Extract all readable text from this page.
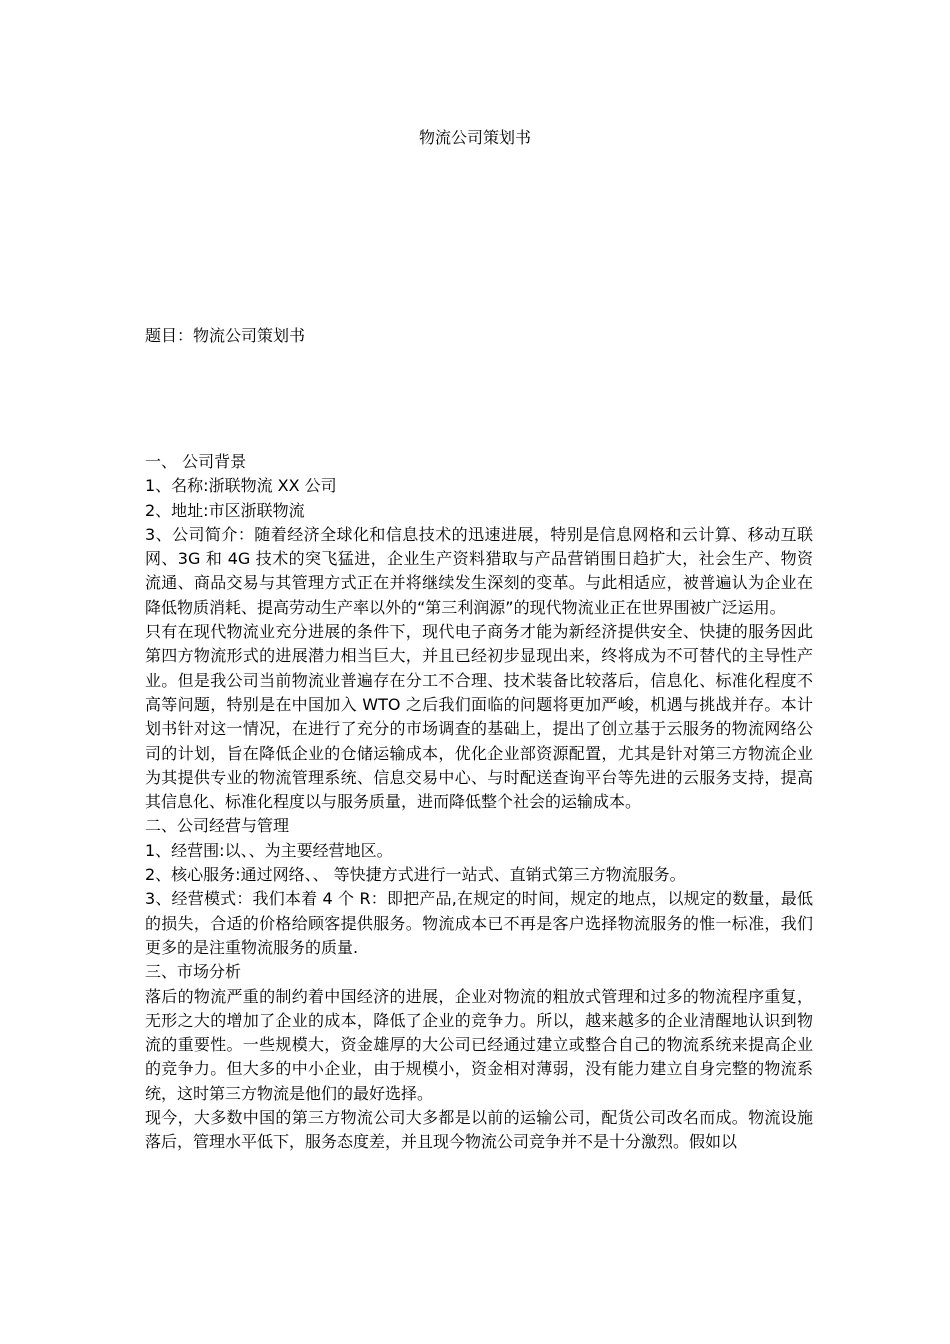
物流公司策划书

题目：物流公司策划书

一、 公司背景

1、名称:浙联物流 XX 公司

2、地址:市区浙联物流

3、公司简介：随着经济全球化和信息技术的迅速进展，特别是信息网格和云计算、移动互联网、3G 和 4G 技术的突飞猛进，企业生产资料猎取与产品营销围日趋扩大，社会生产、物资流通、商品交易与其管理方式正在并将继续发生深刻的变革。与此相适应，被普遍认为企业在降低物质消耗、提高劳动生产率以外的“第三利润源”的现代物流业正在世界围被广泛运用。

只有在现代物流业充分进展的条件下，现代电子商务才能为新经济提供安全、快捷的服务因此第四方物流形式的进展潜力相当巨大，并且已经初步显现出来，终将成为不可替代的主导性产业。但是我公司当前物流业普遍存在分工不合理、技术装备比较落后，信息化、标准化程度不高等问题，特别是在中国加入 WTO 之后我们面临的问题将更加严峻，机遇与挑战并存。本计划书针对这一情况，在进行了充分的市场调查的基础上，提出了创立基于云服务的物流网络公司的计划，旨在降低企业的仓储运输成本，优化企业部资源配置，尤其是针对第三方物流企业为其提供专业的物流管理系统、信息交易中心、与时配送查询平台等先进的云服务支持，提高其信息化、标准化程度以与服务质量，进而降低整个社会的运输成本。

二、公司经营与管理

1、经营围:以、、为主要经营地区。

2、核心服务:通过网络、、 等快捷方式进行一站式、直销式第三方物流服务。

3、经营模式：我们本着 4 个 R：即把产品,在规定的时间，规定的地点，以规定的数量，最低的损失，合适的价格给顾客提供服务。物流成本已不再是客户选择物流服务的惟一标准，我们更多的是注重物流服务的质量.

三、市场分析

落后的物流严重的制约着中国经济的进展，企业对物流的粗放式管理和过多的物流程序重复，无形之大的增加了企业的成本，降低了企业的竞争力。所以，越来越多的企业清醒地认识到物流的重要性。一些规模大，资金雄厚的大公司已经通过建立或整合自己的物流系统来提高企业的竞争力。但大多的中小企业，由于规模小，资金相对薄弱，没有能力建立自身完整的物流系统，这时第三方物流是他们的最好选择。

现今，大多数中国的第三方物流公司大多都是以前的运输公司，配货公司改名而成。物流设施落后，管理水平低下，服务态度差，并且现今物流公司竞争并不是十分激烈。假如以
